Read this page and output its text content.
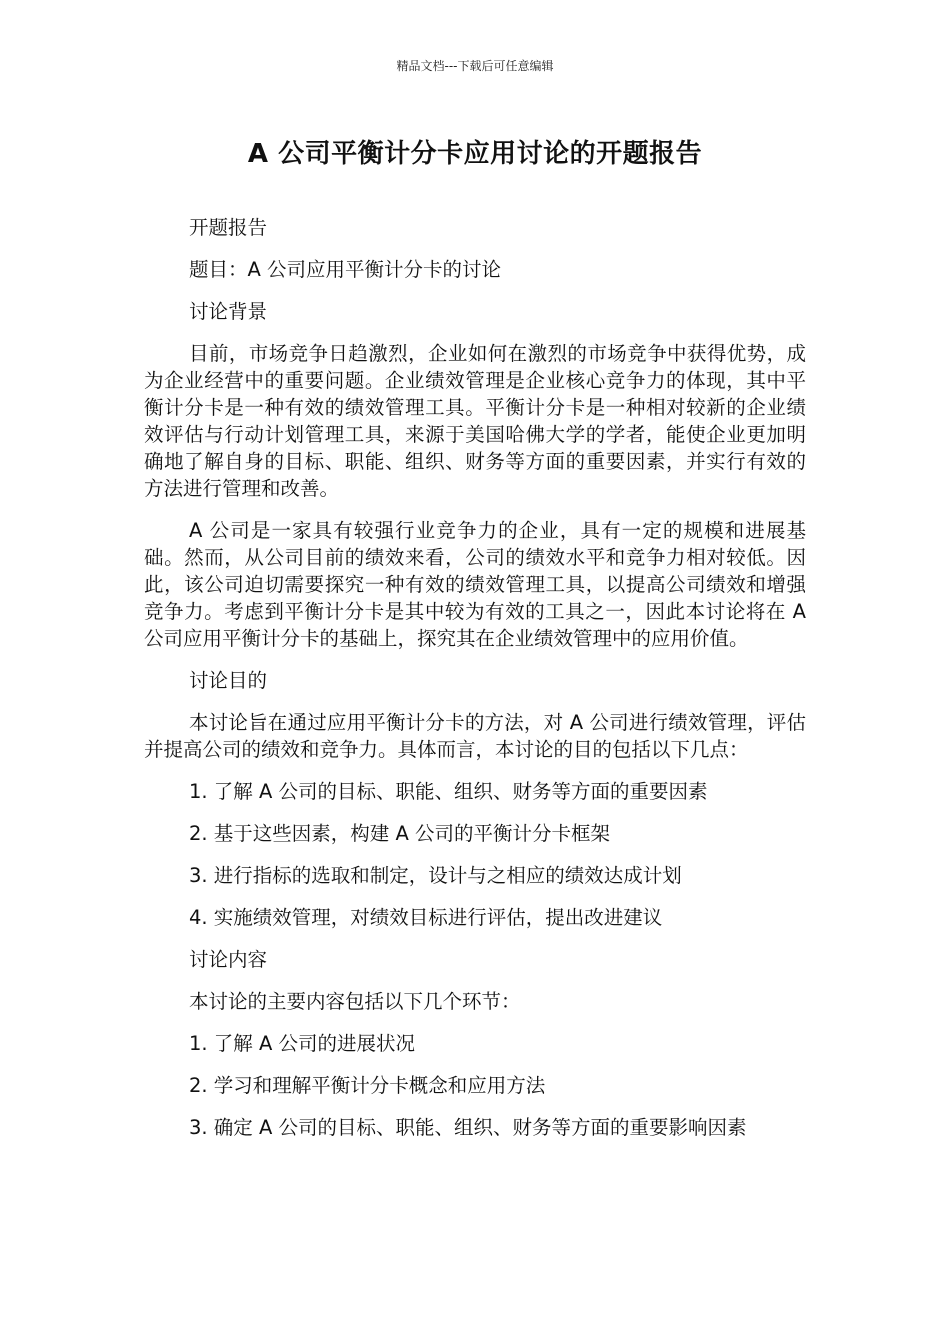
精品文档---下载后可任意编辑
A 公司平衡计分卡应用讨论的开题报告

开题报告

题目：A 公司应用平衡计分卡的讨论

讨论背景

目前，市场竞争日趋激烈，企业如何在激烈的市场竞争中获得优势，成为企业经营中的重要问题。企业绩效管理是企业核心竞争力的体现，其中平衡计分卡是一种有效的绩效管理工具。平衡计分卡是一种相对较新的企业绩效评估与行动计划管理工具，来源于美国哈佛大学的学者，能使企业更加明确地了解自身的目标、职能、组织、财务等方面的重要因素，并实行有效的方法进行管理和改善。

A 公司是一家具有较强行业竞争力的企业，具有一定的规模和进展基础。然而，从公司目前的绩效来看，公司的绩效水平和竞争力相对较低。因此，该公司迫切需要探究一种有效的绩效管理工具，以提高公司绩效和增强竞争力。考虑到平衡计分卡是其中较为有效的工具之一，因此本讨论将在 A 公司应用平衡计分卡的基础上，探究其在企业绩效管理中的应用价值。

讨论目的

本讨论旨在通过应用平衡计分卡的方法，对 A 公司进行绩效管理，评估并提高公司的绩效和竞争力。具体而言，本讨论的目的包括以下几点：

1. 了解 A 公司的目标、职能、组织、财务等方面的重要因素

2. 基于这些因素，构建 A 公司的平衡计分卡框架

3. 进行指标的选取和制定，设计与之相应的绩效达成计划

4. 实施绩效管理，对绩效目标进行评估，提出改进建议

讨论内容

本讨论的主要内容包括以下几个环节：

1. 了解 A 公司的进展状况

2. 学习和理解平衡计分卡概念和应用方法

3. 确定 A 公司的目标、职能、组织、财务等方面的重要影响因素
